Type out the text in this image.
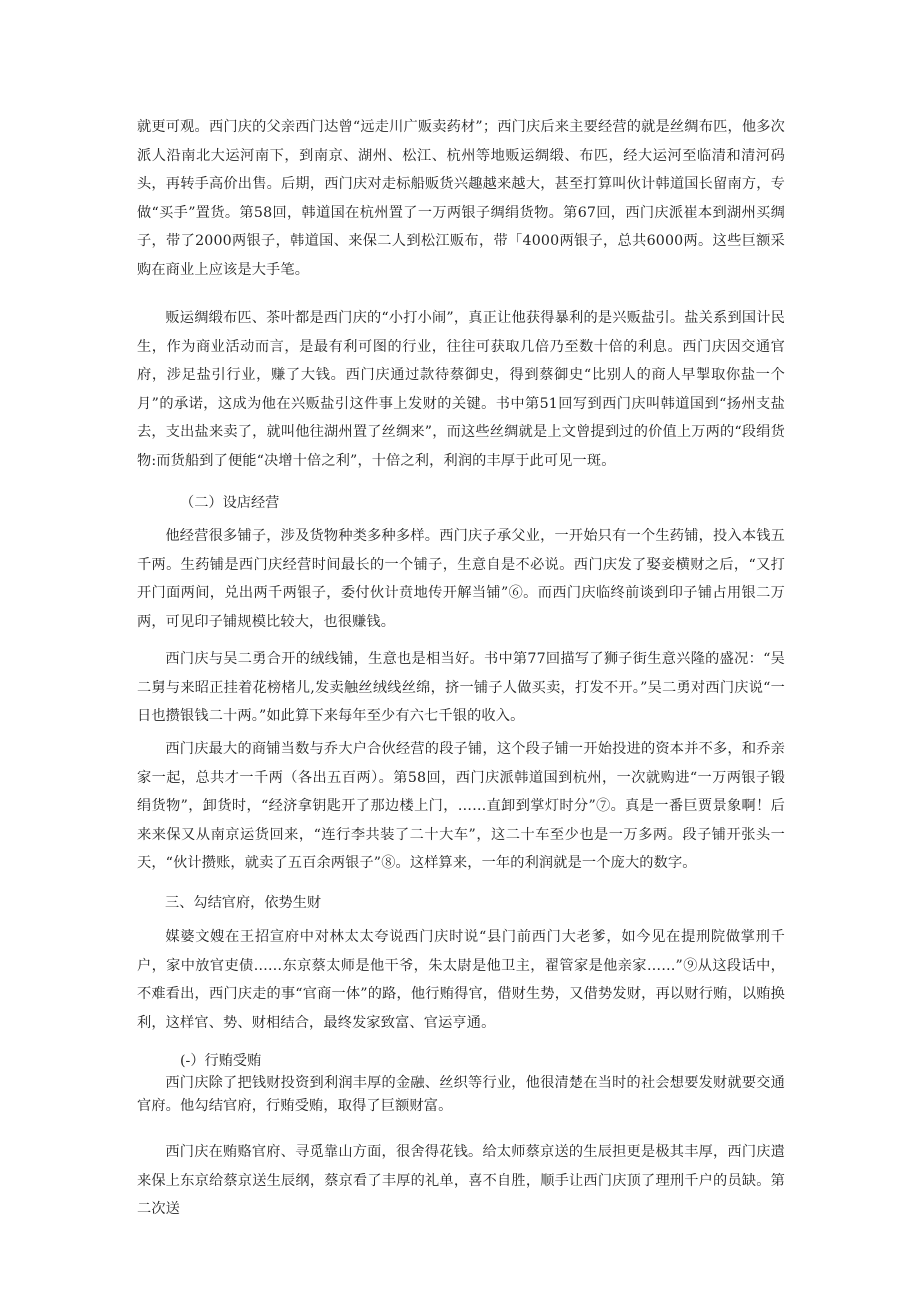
就更可观。西门庆的父亲西门达曾“远走川广贩卖药材”；西门庆后来主要经营的就是丝绸布匹，他多次派人沿南北大运河南下，到南京、湖州、松江、杭州等地贩运绸缎、布匹，经大运河至临清和清河码头，再转手高价出售。后期，西门庆对走标船贩货兴趣越来越大，甚至打算叫伙计韩道国长留南方，专做“买手”置货。第58回，韩道国在杭州置了一万两银子绸绢货物。第67回，西门庆派崔本到湖州买绸子，带了2000两银子，韩道国、来保二人到松江贩布，带「4000两银子，总共6000两。这些巨额采购在商业上应该是大手笔。

贩运绸缎布匹、茶叶都是西门庆的“小打小闹”，真正让他获得暴利的是兴贩盐引。盐关系到国计民生，作为商业活动而言，是最有利可图的行业，往往可获取几倍乃至数十倍的利息。西门庆因交通官府，涉足盐引行业，赚了大钱。西门庆通过款待蔡御史，得到蔡御史“比别人的商人早掣取你盐一个月”的承诺，这成为他在兴贩盐引这件事上发财的关键。书中第51回写到西门庆叫韩道国到“扬州支盐去，支出盐来卖了，就叫他往湖州置了丝绸来”，而这些丝绸就是上文曾提到过的价值上万两的“段绢货物:而货船到了便能“决增十倍之利”，十倍之利，利润的丰厚于此可见一斑。

（二）设店经营

他经营很多铺子，涉及货物种类多种多样。西门庆子承父业，一开始只有一个生药铺，投入本钱五千两。生药铺是西门庆经营时间最长的一个铺子，生意自是不必说。西门庆发了娶妾横财之后，“又打开门面两间，兑出两千两银子，委付伙计贲地传开解当铺”⑥。而西门庆临终前谈到印子铺占用银二万两，可见印子铺规模比较大，也很赚钱。

西门庆与吴二勇合开的绒线铺，生意也是相当好。书中第77回描写了狮子街生意兴隆的盛况：“吴二舅与来昭正挂着花榜楮儿,发卖触丝绒线丝绵，挤一铺子人做买卖，打发不开。”吴二勇对西门庆说“一日也攒银钱二十两。”如此算下来每年至少有六七千银的收入。

西门庆最大的商铺当数与乔大户合伙经营的段子铺，这个段子铺一开始投进的资本并不多，和乔亲家一起，总共才一千两（各出五百两）。第58回，西门庆派韩道国到杭州，一次就购进“一万两银子锻绢货物”，卸货时，“经济拿钥匙开了那边楼上门，……直卸到掌灯时分”⑦。真是一番巨贾景象啊！后来来保又从南京运货回来，“连行李共装了二十大车”，这二十车至少也是一万多两。段子铺开张头一天，“伙计攒账，就卖了五百余两银子”⑧。这样算来，一年的利润就是一个庞大的数字。

三、勾结官府，依势生财

媒婆文嫂在王招宣府中对林太太夸说西门庆时说“县门前西门大老爹，如今见在提刑院做掌刑千户，家中放官吏债……东京蔡太师是他干爷，朱太尉是他卫主，翟管家是他亲家……”⑨从这段话中，不难看出，西门庆走的事“官商一体”的路，他行贿得官，借财生势，又借势发财，再以财行贿，以贿换利，这样官、势、财相结合，最终发家致富、官运亨通。

(-）行贿受贿

西门庆除了把钱财投资到利润丰厚的金融、丝织等行业，他很清楚在当时的社会想要发财就要交通官府。他勾结官府，行贿受贿，取得了巨额财富。

西门庆在贿赂官府、寻觅靠山方面，很舍得花钱。给太师蔡京送的生辰担更是极其丰厚，西门庆遣来保上东京给蔡京送生辰纲，蔡京看了丰厚的礼单，喜不自胜，顺手让西门庆顶了理刑千户的员缺。第二次送
